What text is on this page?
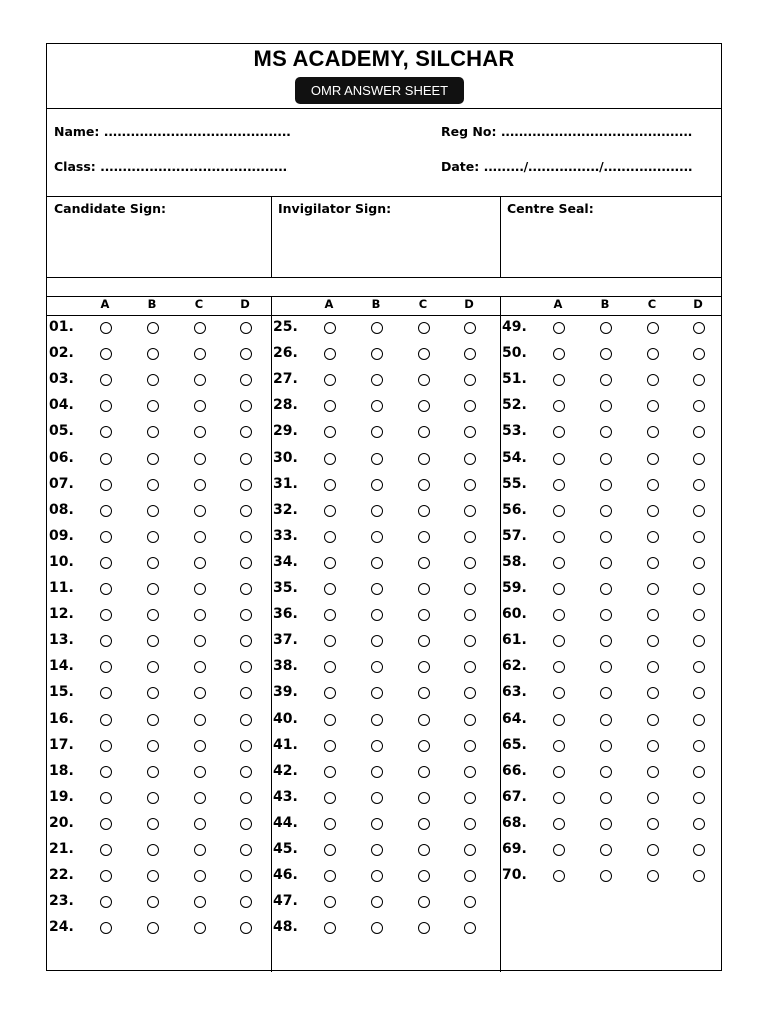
MS ACADEMY, SILCHAR
OMR ANSWER SHEET
Name: ..........................................	Reg No: ...........................................
Class: ..........................................	Date: ........./................/....................
Candidate Sign:	Invigilator Sign:	Centre Seal:
A	B	C	D
01.
02.
03.
04.
05.
06.
07.
08.
09.
10.
11.
12.
13.
14.
15.
16.
17.
18.
19.
20.
21.
22.
23.
24.
A	B	C	D
25.
26.
27.
28.
29.
30.
31.
32.
33.
34.
35.
36.
37.
38.
39.
40.
41.
42.
43.
44.
45.
46.
47.
48.
A	B	C	D
49.
50.
51.
52.
53.
54.
55.
56.
57.
58.
59.
60.
61.
62.
63.
64.
65.
66.
67.
68.
69.
70.
